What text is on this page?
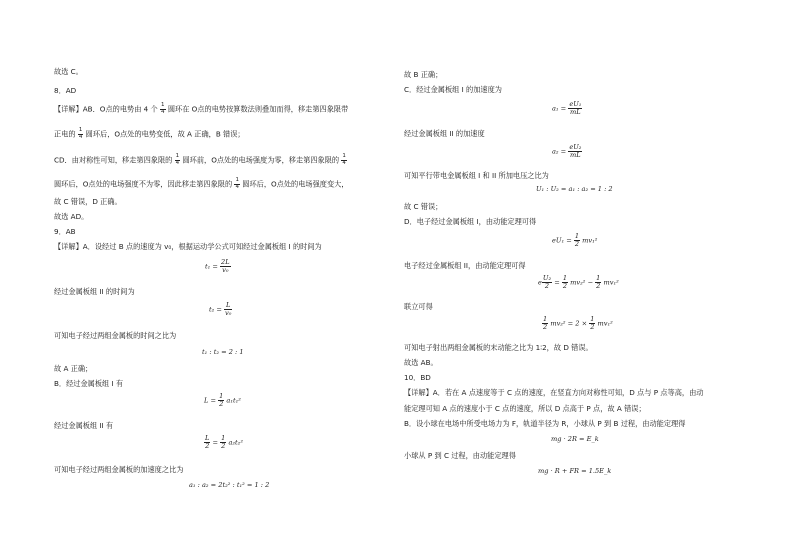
故选 C。
8．AD
【详解】AB．O点的电势由 4 个 $\frac{1}{4}$ 圆环在 O点的电势按算数法则叠加而得，移走第四象限带
正电的 $\frac{1}{4}$ 圆环后，O点处的电势变低，故 A 正确，B 错误；
CD．由对称性可知，移走第四象限的 $\frac{1}{4}$ 圆环前，O点处的电场强度为零，移走第四象限的 $\frac{1}{4}$
圆环后，O点处的电场强度不为零，因此移走第四象限的 $\frac{1}{4}$ 圆环后，O点处的电场强度变大，
故 C 错误，D 正确。
故选 AD。
9．AB
【详解】A．设经过 B 点的速度为 v₀，根据运动学公式可知经过金属板组 I 的时间为
$t_1 = \frac{2L}{\text{v₀}}$
经过金属板组 II 的时间为
$t_2 = \frac{L}{\text{v₀}}$
可知电子经过两组金属板的时间之比为
t₁ : t₂ = 2 : 1
故 A 正确；
B．经过金属板组 I 有
$L = \frac{1}{2} a_1t_1^2$
经过金属板组 II 有
$\frac{L}{2} = \frac{1}{2} a_2t_2^2$
可知电子经过两组金属板的加速度之比为
a₁ : a₂ = 2t₂² : t₁² = 1 : 2
故 B 正确；
C．经过金属板组 I 的加速度为
$a_1 = \frac{\text{eU₁}}{mL}$
经过金属板组 II 的加速度
$a_2 = \frac{\text{eU₂}}{mL}$
可知平行带电金属板组 I 和 II 所加电压之比为
U₁ : U₂ = a₁ : a₂ = 1 : 2
故 C 错误；
D．电子经过金属板组 I，由动能定理可得
$eU_1 = \frac{1}{2} mv_1^2$
电子经过金属板组 II，由动能定理可得
e $\frac{\text{U₂}}{2} = \frac{1}{2} mv_2^2 - \frac{1}{2} mv_1^2$
联立可得
$\frac{1}{2} mv_2^2 = 2 \times \frac{1}{2} mv_1^2$
可知电子射出两组金属板的末动能之比为 1∶2，故 D 错误。
故选 AB。
10．BD
【详解】A．若在 A 点速度等于 C 点的速度，在竖直方向对称性可知，D 点与 P 点等高，由动
能定理可知 A 点的速度小于 C 点的速度，所以 D 点高于 P 点，故 A 错误；
B．设小球在电场中所受电场力为 F，轨道半径为 R，小球从 P 到 B 过程，由动能定理得
mg · 2R = E_k
小球从 P 到 C 过程，由动能定理得
mg · R + FR = 1.5E_k
